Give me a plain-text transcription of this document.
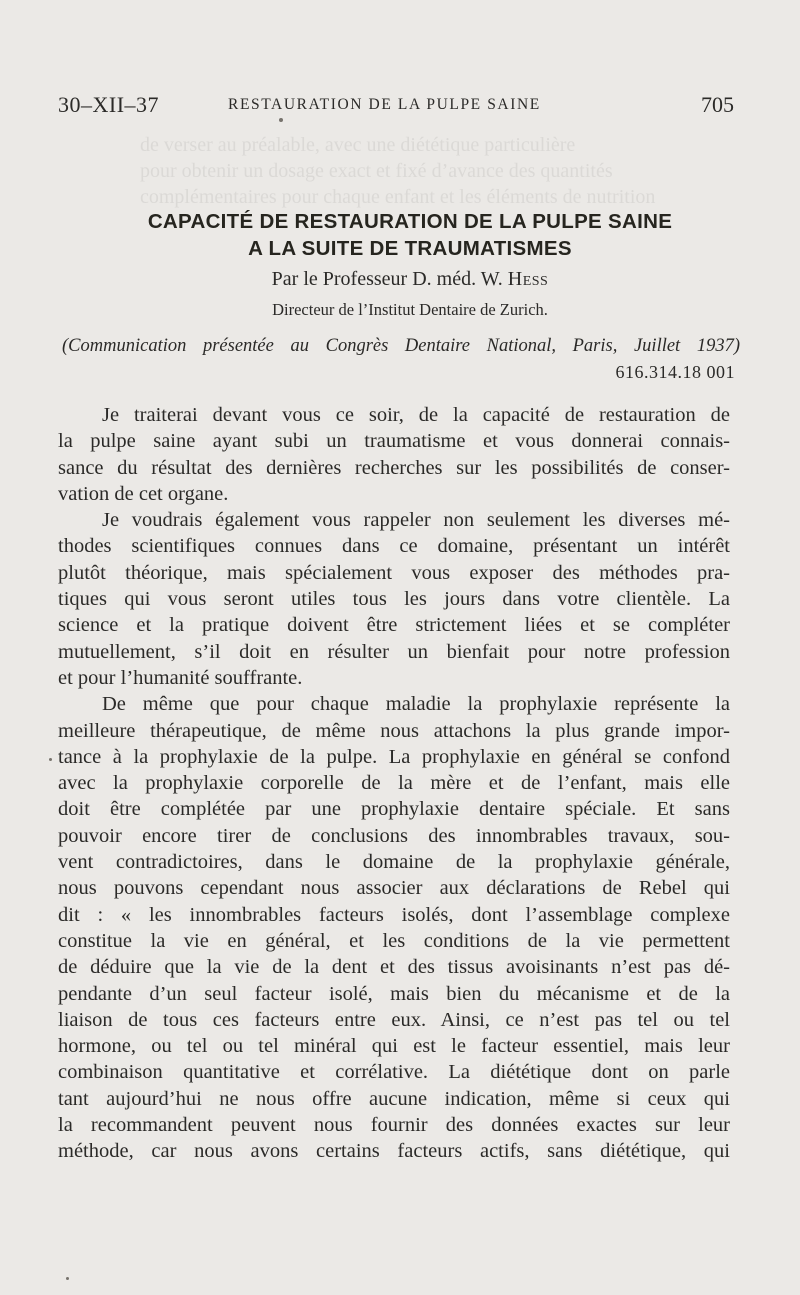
de verser au préalable, avec une diététique particulière
pour obtenir un dosage exact et fixé d’avance des quantités
complémentaires pour chaque enfant et les éléments de nutrition
30–XII–37	RESTAURATION DE LA PULPE SAINE	705
CAPACITÉ DE RESTAURATION DE LA PULPE SAINE
A LA SUITE DE TRAUMATISMES
Par le Professeur D. méd. W. Hess
Directeur de l’Institut Dentaire de Zurich.
(Communication présentée au Congrès Dentaire National, Paris, Juillet 1937)
616.314.18 001
Je traiterai devant vous ce soir, de la capacité de restauration de
la pulpe saine ayant subi un traumatisme et vous donnerai connais-
sance du résultat des dernières recherches sur les possibilités de conser-
vation de cet organe.
Je voudrais également vous rappeler non seulement les diverses mé-
thodes scientifiques connues dans ce domaine, présentant un intérêt
plutôt théorique, mais spécialement vous exposer des méthodes pra-
tiques qui vous seront utiles tous les jours dans votre clientèle. La
science et la pratique doivent être strictement liées et se compléter
mutuellement, s’il doit en résulter un bienfait pour notre profession
et pour l’humanité souffrante.
De même que pour chaque maladie la prophylaxie représente la
meilleure thérapeutique, de même nous attachons la plus grande impor-
tance à la prophylaxie de la pulpe. La prophylaxie en général se confond
avec la prophylaxie corporelle de la mère et de l’enfant, mais elle
doit être complétée par une prophylaxie dentaire spéciale. Et sans
pouvoir encore tirer de conclusions des innombrables travaux, sou-
vent contradictoires, dans le domaine de la prophylaxie générale,
nous pouvons cependant nous associer aux déclarations de Rebel qui
dit : « les innombrables facteurs isolés, dont l’assemblage complexe
constitue la vie en général, et les conditions de la vie permettent
de déduire que la vie de la dent et des tissus avoisinants n’est pas dé-
pendante d’un seul facteur isolé, mais bien du mécanisme et de la
liaison de tous ces facteurs entre eux. Ainsi, ce n’est pas tel ou tel
hormone, ou tel ou tel minéral qui est le facteur essentiel, mais leur
combinaison quantitative et corrélative. La diététique dont on parle
tant aujourd’hui ne nous offre aucune indication, même si ceux qui
la recommandent peuvent nous fournir des données exactes sur leur
méthode, car nous avons certains facteurs actifs, sans diététique, qui
